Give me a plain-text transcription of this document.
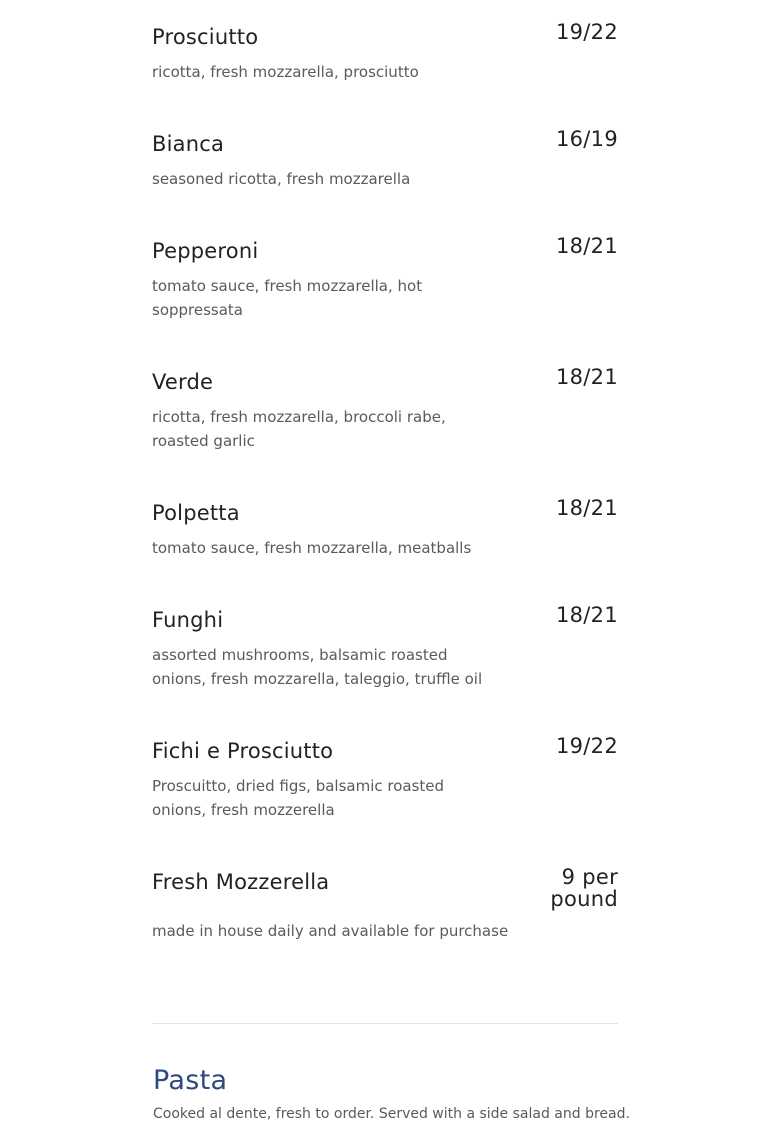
Prosciutto	19/22
ricotta, fresh mozzarella, prosciutto
Bianca	16/19
seasoned ricotta, fresh mozzarella
Pepperoni	18/21
tomato sauce, fresh mozzarella, hot soppressata
Verde	18/21
ricotta, fresh mozzarella, broccoli rabe, roasted garlic
Polpetta	18/21
tomato sauce, fresh mozzarella, meatballs
Funghi	18/21
assorted mushrooms, balsamic roasted onions, fresh mozzarella, taleggio, truffle oil
Fichi e Prosciutto	19/22
Proscuitto, dried figs, balsamic roasted onions, fresh mozzerella
Fresh Mozzerella	9 per pound
made in house daily and available for purchase
Pasta
Cooked al dente, fresh to order. Served with a side salad and bread.
